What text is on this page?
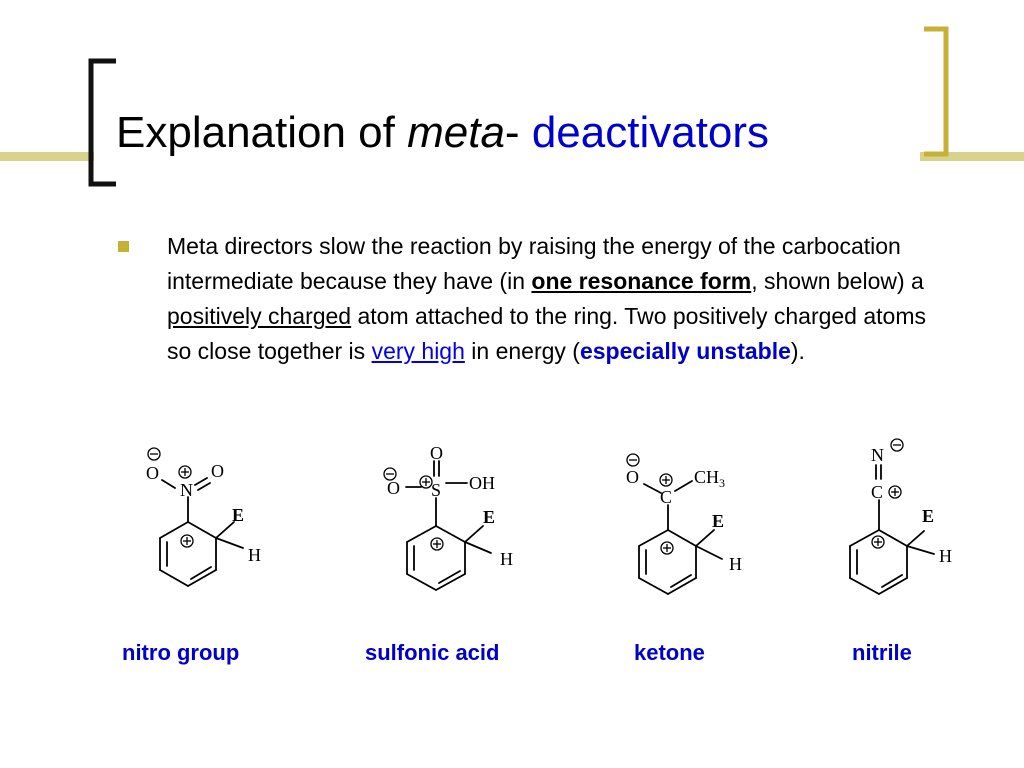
Explanation of meta- deactivators
Meta directors slow the reaction by raising the energy of the carbocation intermediate because they have (in one resonance form, shown below) a positively charged atom attached to the ring. Two positively charged atoms so close together is very high in energy (especially unstable).
O
N
O
E
H
O
O S OH
E
H
O
C
$CH_3$
E
H
N
C
E
H
nitro group	sulfonic acid	ketone	nitrile
